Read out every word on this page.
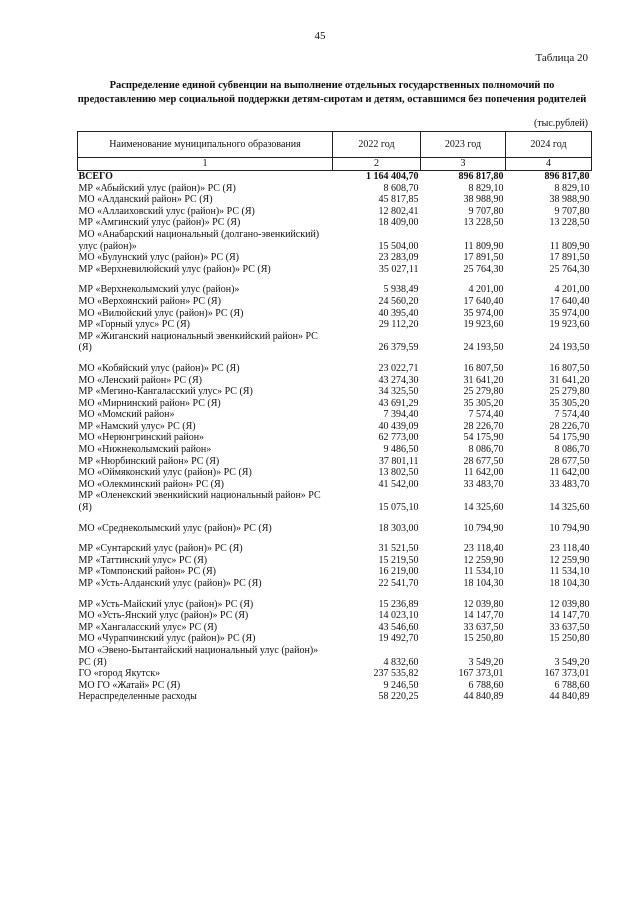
45
Таблица 20
Распределение единой субвенции на выполнение отдельных государственных полномочий по предоставлению мер социальной поддержки детям-сиротам и детям, оставшимся без попечения родителей
(тыс.рублей)
Наименование муниципального образования	2022 год	2023 год	2024 год
1	2	3	4
ВСЕГО	1 164 404,70	896 817,80	896 817,80
МР «Абыйский улус (район)» РС (Я)	8 608,70	8 829,10	8 829,10
МО «Алданский район» РС (Я)	45 817,85	38 988,90	38 988,90
МО «Аллаиховский улус (район)» РС (Я)	12 802,41	9 707,80	9 707,80
МР «Амгинский улус (район)» РС (Я)	18 409,00	13 228,50	13 228,50
МО «Анабарский национальный (долгано-эвенкийский) улус (район)»	15 504,00	11 809,90	11 809,90
МО «Булунский улус (район)» РС (Я)	23 283,09	17 891,50	17 891,50
МР «Верхневилюйский улус (район)» РС (Я)	35 027,11	25 764,30	25 764,30

МР «Верхнеколымский улус (район)»	5 938,49	4 201,00	4 201,00
МО «Верхоянский район» РС (Я)	24 560,20	17 640,40	17 640,40
МО «Вилюйский улус (район)» РС (Я)	40 395,40	35 974,00	35 974,00
МР «Горный улус» РС (Я)	29 112,20	19 923,60	19 923,60
МР «Жиганский национальный эвенкийский район» РС (Я)	26 379,59	24 193,50	24 193,50

МО «Кобяйский улус (район)» РС (Я)	23 022,71	16 807,50	16 807,50
МО «Ленский район» РС (Я)	43 274,30	31 641,20	31 641,20
МР «Мегино-Кангаласский улус» РС (Я)	34 325,50	25 279,80	25 279,80
МО «Мирнинский район» РС (Я)	43 691,29	35 305,20	35 305,20
МО «Момский район»	7 394,40	7 574,40	7 574,40
МР «Намский улус» РС (Я)	40 439,09	28 226,70	28 226,70
МО «Нерюнгринский район»	62 773,00	54 175,90	54 175,90
МО «Нижнеколымский район»	9 486,50	8 086,70	8 086,70
МР «Нюрбинский район» РС (Я)	37 801,11	28 677,50	28 677,50
МО «Оймяконский улус (район)» РС (Я)	13 802,50	11 642,00	11 642,00
МО «Олекминский район» РС (Я)	41 542,00	33 483,70	33 483,70
МР «Оленекский эвенкийский национальный район» РС (Я)	15 075,10	14 325,60	14 325,60

МО «Среднеколымский улус (район)» РС (Я)	18 303,00	10 794,90	10 794,90

МР «Сунтарский улус (район)» РС (Я)	31 521,50	23 118,40	23 118,40
МР «Таттинский улус» РС (Я)	15 219,50	12 259,90	12 259,90
МР «Томпонский район» РС (Я)	16 219,00	11 534,10	11 534,10
МР «Усть-Алданский улус (район)» РС (Я)	22 541,70	18 104,30	18 104,30

МР «Усть-Майский улус (район)» РС (Я)	15 236,89	12 039,80	12 039,80
МО «Усть-Янский улус (район)» РС (Я)	14 023,10	14 147,70	14 147,70
МР «Хангаласский улус» РС (Я)	43 546,60	33 637,50	33 637,50
МО «Чурапчинский улус (район)» РС (Я)	19 492,70	15 250,80	15 250,80
МО «Эвено-Бытантайский национальный улус (район)» РС (Я)	4 832,60	3 549,20	3 549,20
ГО «город Якутск»	237 535,82	167 373,01	167 373,01
МО ГО «Жатай» РС (Я)	9 246,50	6 788,60	6 788,60
Нераспределенные расходы	58 220,25	44 840,89	44 840,89
